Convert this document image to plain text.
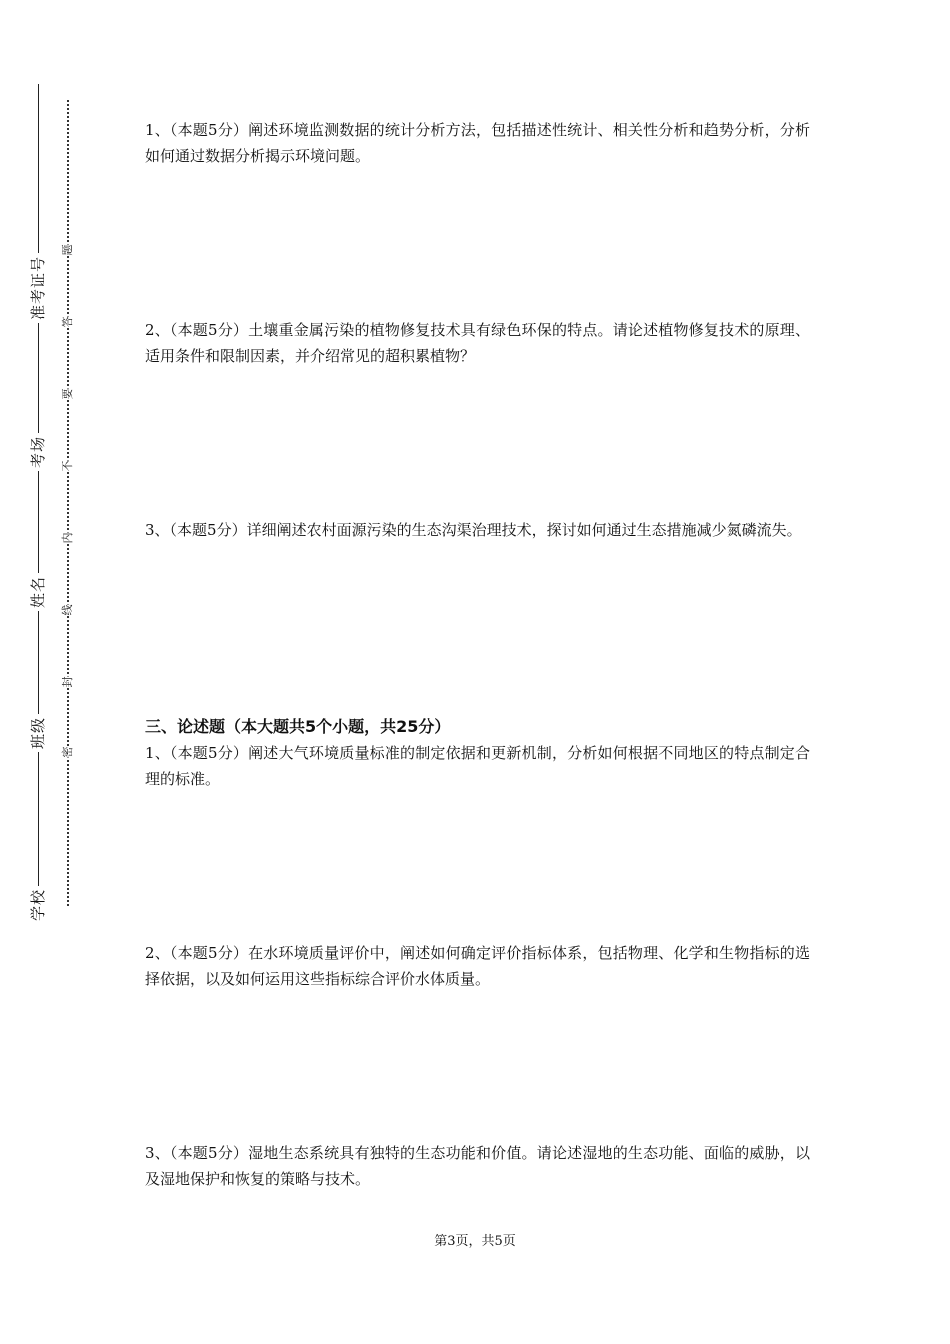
准考证号
考场
姓名
班级
学校
题
答
要
不
内
线
封
密
1、（本题5分）阐述环境监测数据的统计分析方法，包括描述性统计、相关性分析和趋势分析，分析如何通过数据分析揭示环境问题。
2、（本题5分）土壤重金属污染的植物修复技术具有绿色环保的特点。请论述植物修复技术的原理、适用条件和限制因素，并介绍常见的超积累植物？
3、（本题5分）详细阐述农村面源污染的生态沟渠治理技术，探讨如何通过生态措施减少氮磷流失。
三、论述题（本大题共5个小题，共25分）
1、（本题5分）阐述大气环境质量标准的制定依据和更新机制，分析如何根据不同地区的特点制定合理的标准。
2、（本题5分）在水环境质量评价中，阐述如何确定评价指标体系，包括物理、化学和生物指标的选择依据，以及如何运用这些指标综合评价水体质量。
3、（本题5分）湿地生态系统具有独特的生态功能和价值。请论述湿地的生态功能、面临的威胁，以及湿地保护和恢复的策略与技术。
第3页，共5页
